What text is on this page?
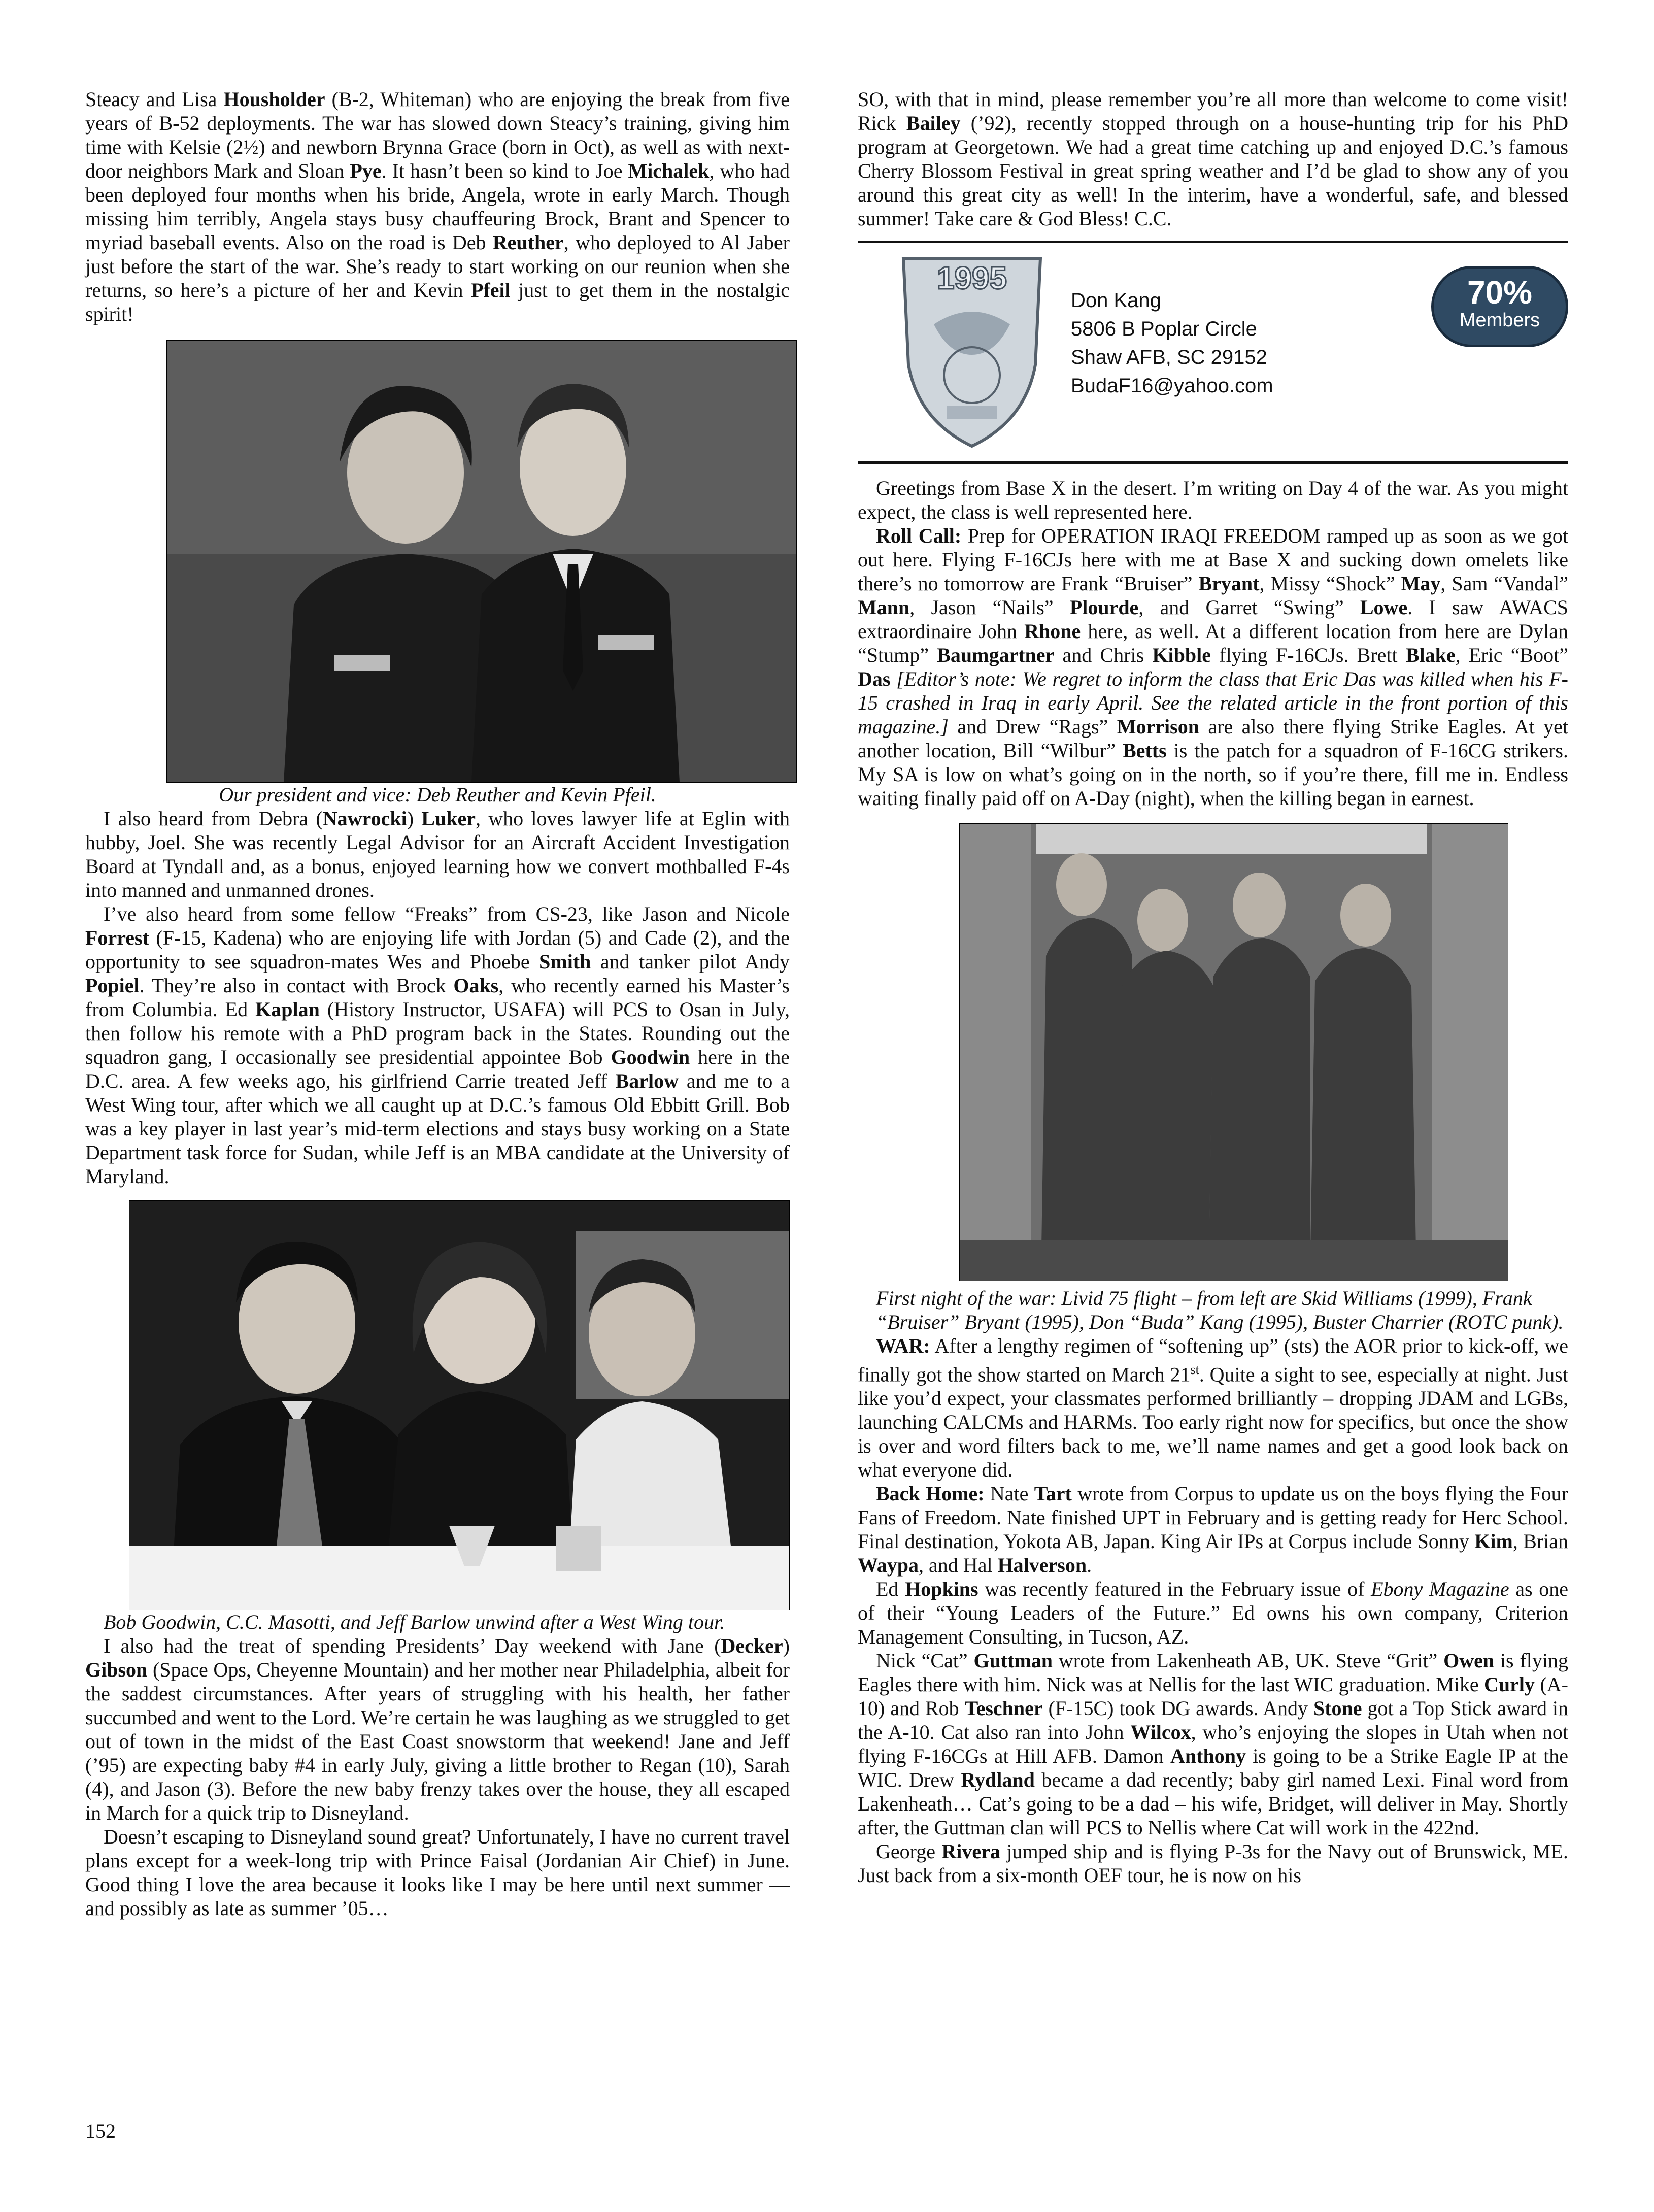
Steacy and Lisa Housholder (B-2, Whiteman) who are enjoying the break from five years of B-52 deployments. The war has slowed down Steacy’s training, giving him time with Kelsie (2½) and newborn Brynna Grace (born in Oct), as well as with next-door neighbors Mark and Sloan Pye. It hasn’t been so kind to Joe Michalek, who had been deployed four months when his bride, Angela, wrote in early March. Though missing him terribly, Angela stays busy chauffeuring Brock, Brant and Spencer to myriad baseball events. Also on the road is Deb Reuther, who deployed to Al Jaber just before the start of the war. She’s ready to start working on our reunion when she returns, so here’s a picture of her and Kevin Pfeil just to get them in the nostalgic spirit!

Our president and vice: Deb Reuther and Kevin Pfeil.

I also heard from Debra (Nawrocki) Luker, who loves lawyer life at Eglin with hubby, Joel. She was recently Legal Advisor for an Aircraft Accident Investigation Board at Tyndall and, as a bonus, enjoyed learning how we convert mothballed F-4s into manned and unmanned drones.

I’ve also heard from some fellow “Freaks” from CS-23, like Jason and Nicole Forrest (F-15, Kadena) who are enjoying life with Jordan (5) and Cade (2), and the opportunity to see squadron-mates Wes and Phoebe Smith and tanker pilot Andy Popiel. They’re also in contact with Brock Oaks, who recently earned his Master’s from Columbia. Ed Kaplan (History Instructor, USAFA) will PCS to Osan in July, then follow his remote with a PhD program back in the States. Rounding out the squadron gang, I occasionally see presidential appointee Bob Goodwin here in the D.C. area. A few weeks ago, his girlfriend Carrie treated Jeff Barlow and me to a West Wing tour, after which we all caught up at D.C.’s famous Old Ebbitt Grill. Bob was a key player in last year’s mid-term elections and stays busy working on a State Department task force for Sudan, while Jeff is an MBA candidate at the University of Maryland.

Bob Goodwin, C.C. Masotti, and Jeff Barlow unwind after a West Wing tour.

I also had the treat of spending Presidents’ Day weekend with Jane (Decker) Gibson (Space Ops, Cheyenne Mountain) and her mother near Philadelphia, albeit for the saddest circumstances. After years of struggling with his health, her father succumbed and went to the Lord. We’re certain he was laughing as we struggled to get out of town in the midst of the East Coast snowstorm that weekend! Jane and Jeff (’95) are expecting baby #4 in early July, giving a little brother to Regan (10), Sarah (4), and Jason (3). Before the new baby frenzy takes over the house, they all escaped in March for a quick trip to Disneyland.

Doesn’t escaping to Disneyland sound great? Unfortunately, I have no current travel plans except for a week-long trip with Prince Faisal (Jordanian Air Chief) in June. Good thing I love the area because it looks like I may be here until next summer — and possibly as late as summer ’05…

SO, with that in mind, please remember you’re all more than welcome to come visit! Rick Bailey (’92), recently stopped through on a house-hunting trip for his PhD program at Georgetown. We had a great time catching up and enjoyed D.C.’s famous Cherry Blossom Festival in great spring weather and I’d be glad to show any of you around this great city as well! In the interim, have a wonderful, safe, and blessed summer! Take care & God Bless! C.C.

1995
Don Kang
5806 B Poplar Circle
Shaw AFB, SC 29152
BudaF16@yahoo.com
70%
Members

Greetings from Base X in the desert. I’m writing on Day 4 of the war. As you might expect, the class is well represented here.

Roll Call: Prep for OPERATION IRAQI FREEDOM ramped up as soon as we got out here. Flying F-16CJs here with me at Base X and sucking down omelets like there’s no tomorrow are Frank “Bruiser” Bryant, Missy “Shock” May, Sam “Vandal” Mann, Jason “Nails” Plourde, and Garret “Swing” Lowe. I saw AWACS extraordinaire John Rhone here, as well. At a different location from here are Dylan “Stump” Baumgartner and Chris Kibble flying F-16CJs. Brett Blake, Eric “Boot” Das [Editor’s note: We regret to inform the class that Eric Das was killed when his F-15 crashed in Iraq in early April. See the related article in the front portion of this magazine.] and Drew “Rags” Morrison are also there flying Strike Eagles. At yet another location, Bill “Wilbur” Betts is the patch for a squadron of F-16CG strikers. My SA is low on what’s going on in the north, so if you’re there, fill me in. Endless waiting finally paid off on A-Day (night), when the killing began in earnest.

First night of the war: Livid 75 flight – from left are Skid Williams (1999), Frank “Bruiser” Bryant (1995), Don “Buda” Kang (1995), Buster Charrier (ROTC punk).

WAR: After a lengthy regimen of “softening up” (sts) the AOR prior to kick-off, we finally got the show started on March 21st. Quite a sight to see, especially at night. Just like you’d expect, your classmates performed brilliantly – dropping JDAM and LGBs, launching CALCMs and HARMs. Too early right now for specifics, but once the show is over and word filters back to me, we’ll name names and get a good look back on what everyone did.

Back Home: Nate Tart wrote from Corpus to update us on the boys flying the Four Fans of Freedom. Nate finished UPT in February and is getting ready for Herc School. Final destination, Yokota AB, Japan. King Air IPs at Corpus include Sonny Kim, Brian Waypa, and Hal Halverson.

Ed Hopkins was recently featured in the February issue of Ebony Magazine as one of their “Young Leaders of the Future.” Ed owns his own company, Criterion Management Consulting, in Tucson, AZ.

Nick “Cat” Guttman wrote from Lakenheath AB, UK. Steve “Grit” Owen is flying Eagles there with him. Nick was at Nellis for the last WIC graduation. Mike Curly (A-10) and Rob Teschner (F-15C) took DG awards. Andy Stone got a Top Stick award in the A-10. Cat also ran into John Wilcox, who’s enjoying the slopes in Utah when not flying F-16CGs at Hill AFB. Damon Anthony is going to be a Strike Eagle IP at the WIC. Drew Rydland became a dad recently; baby girl named Lexi. Final word from Lakenheath… Cat’s going to be a dad – his wife, Bridget, will deliver in May. Shortly after, the Guttman clan will PCS to Nellis where Cat will work in the 422nd.

George Rivera jumped ship and is flying P-3s for the Navy out of Brunswick, ME. Just back from a six-month OEF tour, he is now on his

152
